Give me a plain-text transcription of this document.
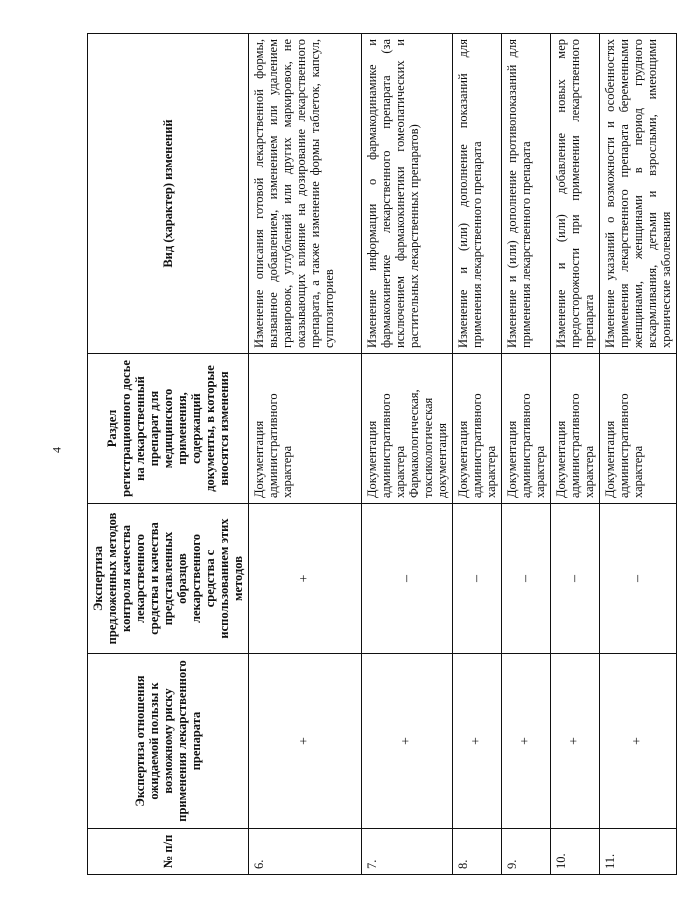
4
№ п/п	Экспертиза отношения ожидаемой пользы к возможному риску применения лекарственного препарата	Экспертиза предложенных методов контроля качества лекарственного средства и качества представленных образцов лекарственного средства с использованием этих методов	Раздел регистрационного досье на лекарственный препарат для медицинского применения, содержащий документы, в которые вносятся изменения	Вид (характер) изменений
6.	+	+	Документация административного характера	Изменение описания готовой лекарственной формы, вызванное добавлением, изменением или удалением гравировок, углублений или других маркировок, не оказывающих влияние на дозирование лекарственного препарата, а также изменение формы таблеток, капсул, суппозиториев
7.	+	–	Документация административного характера Фармакологическая, токсикологическая документация	Изменение информации о фармакодинамике и фармакокинетике лекарственного препарата (за исключением фармакокинетики гомеопатических и растительных лекарственных препаратов)
8.	+	–	Документация административного характера	Изменение и (или) дополнение показаний для применения лекарственного препарата
9.	+	–	Документация административного характера	Изменение и (или) дополнение противопоказаний для применения лекарственного препарата
10.	+	–	Документация административного характера	Изменение и (или) добавление новых мер предосторожности при применении лекарственного препарата
11.	+	–	Документация административного характера	Изменение указаний о возможности и особенностях применения лекарственного препарата беременными женщинами, женщинами в период грудного вскармливания, детьми и взрослыми, имеющими хронические заболевания
